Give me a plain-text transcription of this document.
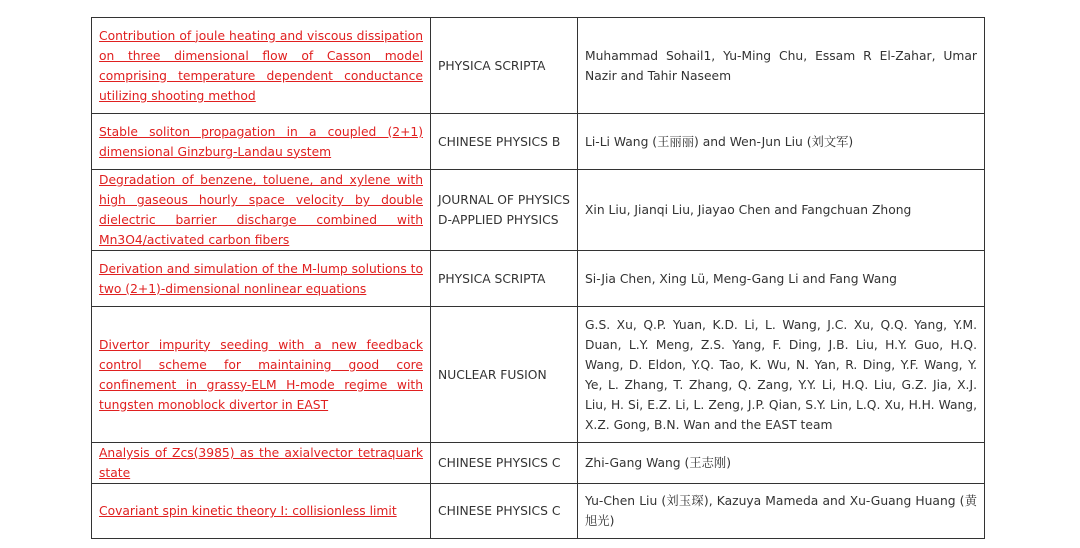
Contribution of joule heating and viscous dissipation on three dimensional flow of Casson model comprising temperature dependent conductance utilizing shooting method	PHYSICA SCRIPTA	Muhammad Sohail1, Yu-Ming Chu, Essam R El-Zahar, Umar Nazir and Tahir Naseem

Stable soliton propagation in a coupled (2+1) dimensional Ginzburg-Landau system	CHINESE PHYSICS B	Li-Li Wang (王丽丽) and Wen-Jun Liu (刘文军)

Degradation of benzene, toluene, and xylene with high gaseous hourly space velocity by double dielectric barrier discharge combined with Mn3O4/activated carbon fibers	JOURNAL OF PHYSICS D-APPLIED PHYSICS	Xin Liu, Jianqi Liu, Jiayao Chen and Fangchuan Zhong

Derivation and simulation of the M-lump solutions to two (2+1)-dimensional nonlinear equations	PHYSICA SCRIPTA	Si-Jia Chen, Xing Lü, Meng-Gang Li and Fang Wang

Divertor impurity seeding with a new feedback control scheme for maintaining good core confinement in grassy-ELM H-mode regime with tungsten monoblock divertor in EAST	NUCLEAR FUSION	G.S. Xu, Q.P. Yuan, K.D. Li, L. Wang, J.C. Xu, Q.Q. Yang, Y.M. Duan, L.Y. Meng, Z.S. Yang, F. Ding, J.B. Liu, H.Y. Guo, H.Q. Wang, D. Eldon, Y.Q. Tao, K. Wu, N. Yan, R. Ding, Y.F. Wang, Y. Ye, L. Zhang, T. Zhang, Q. Zang, Y.Y. Li, H.Q. Liu, G.Z. Jia, X.J. Liu, H. Si, E.Z. Li, L. Zeng, J.P. Qian, S.Y. Lin, L.Q. Xu, H.H. Wang, X.Z. Gong, B.N. Wan and the EAST team

Analysis of Zcs(3985) as the axialvector tetraquark state	CHINESE PHYSICS C	Zhi-Gang Wang (王志刚)

Covariant spin kinetic theory I: collisionless limit	CHINESE PHYSICS C	Yu-Chen Liu (刘玉琛), Kazuya Mameda and Xu-Guang Huang (黄旭光)
